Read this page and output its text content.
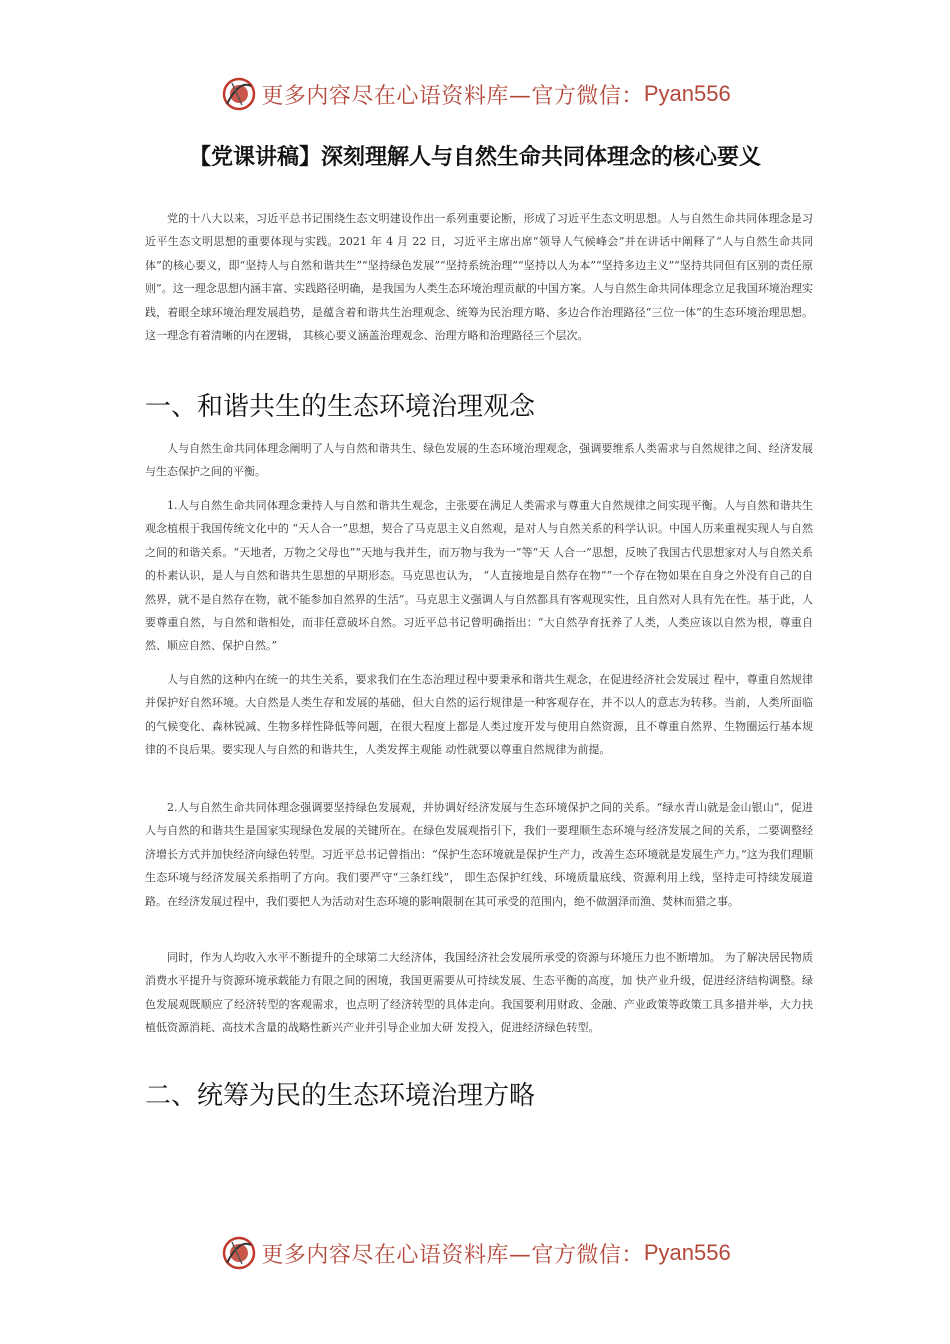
更多内容尽在心语资料库—官方微信： Pyan556
【党课讲稿】深刻理解人与自然生命共同体理念的核心要义

党的十八大以来，习近平总书记围绕生态文明建设作出一系列重要论断，形成了习近平生态文明思想。人与自然生命共同体理念是习近平生态文明思想的重要体现与实践。2021 年 4 月 22 日，习近平主席出席“领导人气候峰会”并在讲话中阐释了“人与自然生命共同体”的核心要义，即“坚持人与自然和谐共生”“坚持绿色发展”“坚持系统治理”“坚持以人为本”“坚持多边主义”“坚持共同但有区别的责任原则”。这一理念思想内涵丰富、实践路径明确，是我国为人类生态环境治理贡献的中国方案。人与自然生命共同体理念立足我国环境治理实践，着眼全球环境治理发展趋势，是蕴含着和谐共生治理观念、统筹为民治理方略、多边合作治理路径“三位一体”的生态环境治理思想。这一理念有着清晰的内在逻辑， 其核心要义涵盖治理观念、治理方略和治理路径三个层次。

一、和谐共生的生态环境治理观念

人与自然生命共同体理念阐明了人与自然和谐共生、绿色发展的生态环境治理观念，强调要维系人类需求与自然规律之间、经济发展与生态保护之间的平衡。

1.人与自然生命共同体理念秉持人与自然和谐共生观念，主张要在满足人类需求与尊重大自然规律之间实现平衡。人与自然和谐共生观念植根于我国传统文化中的 “天人合一”思想，契合了马克思主义自然观，是对人与自然关系的科学认识。中国人历来重视实现人与自然之间的和谐关系。“天地者，万物之父母也”“天地与我并生，而万物与我为一”等“天 人合一”思想，反映了我国古代思想家对人与自然关系的朴素认识，是人与自然和谐共生思想的早期形态。马克思也认为， “人直接地是自然存在物”“一个存在物如果在自身之外没有自己的自然界，就不是自然存在物，就不能参加自然界的生活”。马克思主义强调人与自然都具有客观现实性，且自然对人具有先在性。基于此，人要尊重自然，与自然和谐相处，而非任意破坏自然。习近平总书记曾明确指出：“大自然孕育抚养了人类，人类应该以自然为根，尊重自然、顺应自然、保护自然。”

人与自然的这种内在统一的共生关系，要求我们在生态治理过程中要秉承和谐共生观念，在促进经济社会发展过 程中，尊重自然规律并保护好自然环境。大自然是人类生存和发展的基础，但大自然的运行规律是一种客观存在，并不以人的意志为转移。当前，人类所面临的气候变化、森林锐减、生物多样性降低等问题，在很大程度上都是人类过度开发与使用自然资源，且不尊重自然界、生物圈运行基本规律的不良后果。要实现人与自然的和谐共生，人类发挥主观能 动性就要以尊重自然规律为前提。

2.人与自然生命共同体理念强调要坚持绿色发展观，并协调好经济发展与生态环境保护之间的关系。“绿水青山就是金山银山”，促进人与自然的和谐共生是国家实现绿色发展的关键所在。在绿色发展观指引下，我们一要理顺生态环境与经济发展之间的关系，二要调整经济增长方式并加快经济向绿色转型。习近平总书记曾指出：“保护生态环境就是保护生产力，改善生态环境就是发展生产力。”这为我们理顺生态环境与经济发展关系指明了方向。我们要严守“三条红线”， 即生态保护红线、环境质量底线、资源利用上线，坚持走可持续发展道路。在经济发展过程中，我们要把人为活动对生态环境的影响限制在其可承受的范围内，绝不做涸泽而渔、焚林而猎之事。

同时，作为人均收入水平不断提升的全球第二大经济体，我国经济社会发展所承受的资源与环境压力也不断增加。 为了解决居民物质消费水平提升与资源环境承载能力有限之间的困境，我国更需要从可持续发展、生态平衡的高度，加 快产业升级，促进经济结构调整。绿色发展观既顺应了经济转型的客观需求，也点明了经济转型的具体走向。我国要利用财政、金融、产业政策等政策工具多措并举，大力扶植低资源消耗、高技术含量的战略性新兴产业并引导企业加大研 发投入，促进经济绿色转型。

二、统筹为民的生态环境治理方略
更多内容尽在心语资料库—官方微信： Pyan556
